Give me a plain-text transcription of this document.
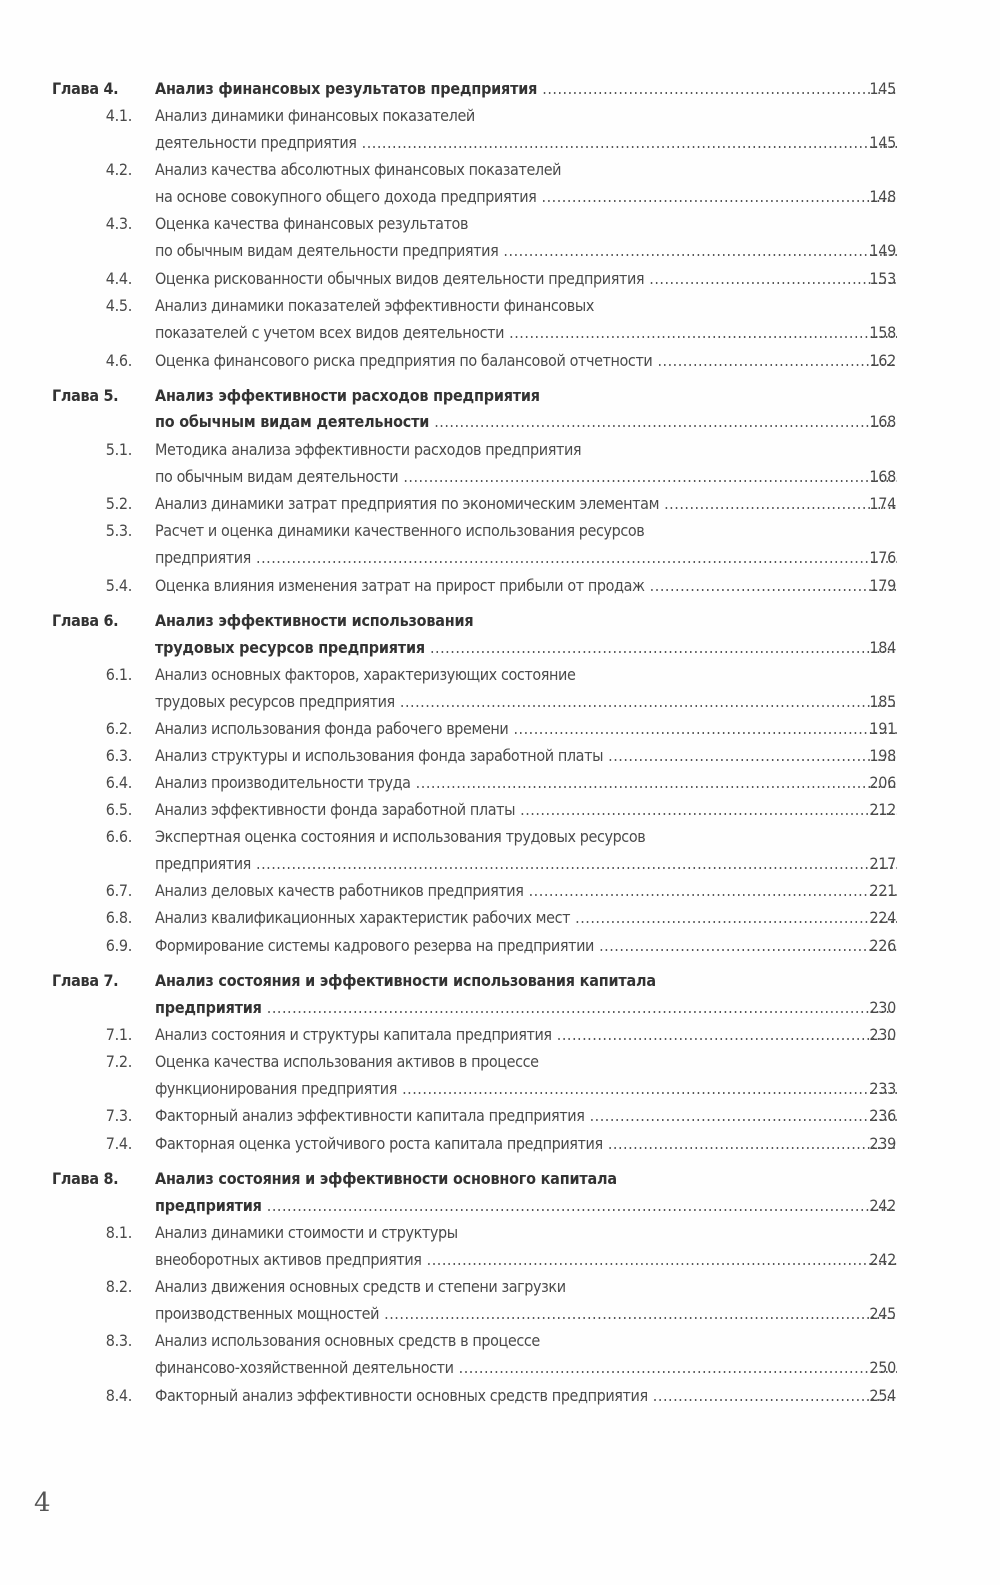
4
Глава 4. Анализ финансовых результатов предприятия .....	145
4.1. Анализ динамики финансовых показателей
деятельности предприятия .....	145
4.2. Анализ качества абсолютных финансовых показателей
на основе совокупного общего дохода предприятия .....	148
4.3. Оценка качества финансовых результатов
по обычным видам деятельности предприятия .....	149
4.4. Оценка рискованности обычных видов деятельности предприятия .....	153
4.5. Анализ динамики показателей эффективности финансовых
показателей с учетом всех видов деятельности .....	158
4.6. Оценка финансового риска предприятия по балансовой отчетности .....	162
Глава 5. Анализ эффективности расходов предприятия
по обычным видам деятельности .....	168
5.1. Методика анализа эффективности расходов предприятия
по обычным видам деятельности .....	168
5.2. Анализ динамики затрат предприятия по экономическим элементам .....	174
5.3. Расчет и оценка динамики качественного использования ресурсов
предприятия .....	176
5.4. Оценка влияния изменения затрат на прирост прибыли от продаж .....	179
Глава 6. Анализ эффективности использования
трудовых ресурсов предприятия .....	184
6.1. Анализ основных факторов, характеризующих состояние
трудовых ресурсов предприятия .....	185
6.2. Анализ использования фонда рабочего времени .....	191
6.3. Анализ структуры и использования фонда заработной платы .....	198
6.4. Анализ производительности труда .....	206
6.5. Анализ эффективности фонда заработной платы .....	212
6.6. Экспертная оценка состояния и использования трудовых ресурсов
предприятия .....	217
6.7. Анализ деловых качеств работников предприятия .....	221
6.8. Анализ квалификационных характеристик рабочих мест .....	224
6.9. Формирование системы кадрового резерва на предприятии .....	226
Глава 7. Анализ состояния и эффективности использования капитала
предприятия .....	230
7.1. Анализ состояния и структуры капитала предприятия .....	230
7.2. Оценка качества использования активов в процессе
функционирования предприятия .....	233
7.3. Факторный анализ эффективности капитала предприятия .....	236
7.4. Факторная оценка устойчивого роста капитала предприятия .....	239
Глава 8. Анализ состояния и эффективности основного капитала
предприятия .....	242
8.1. Анализ динамики стоимости и структуры
внеоборотных активов предприятия .....	242
8.2. Анализ движения основных средств и степени загрузки
производственных мощностей .....	245
8.3. Анализ использования основных средств в процессе
финансово-хозяйственной деятельности .....	250
8.4. Факторный анализ эффективности основных средств предприятия .....	254
